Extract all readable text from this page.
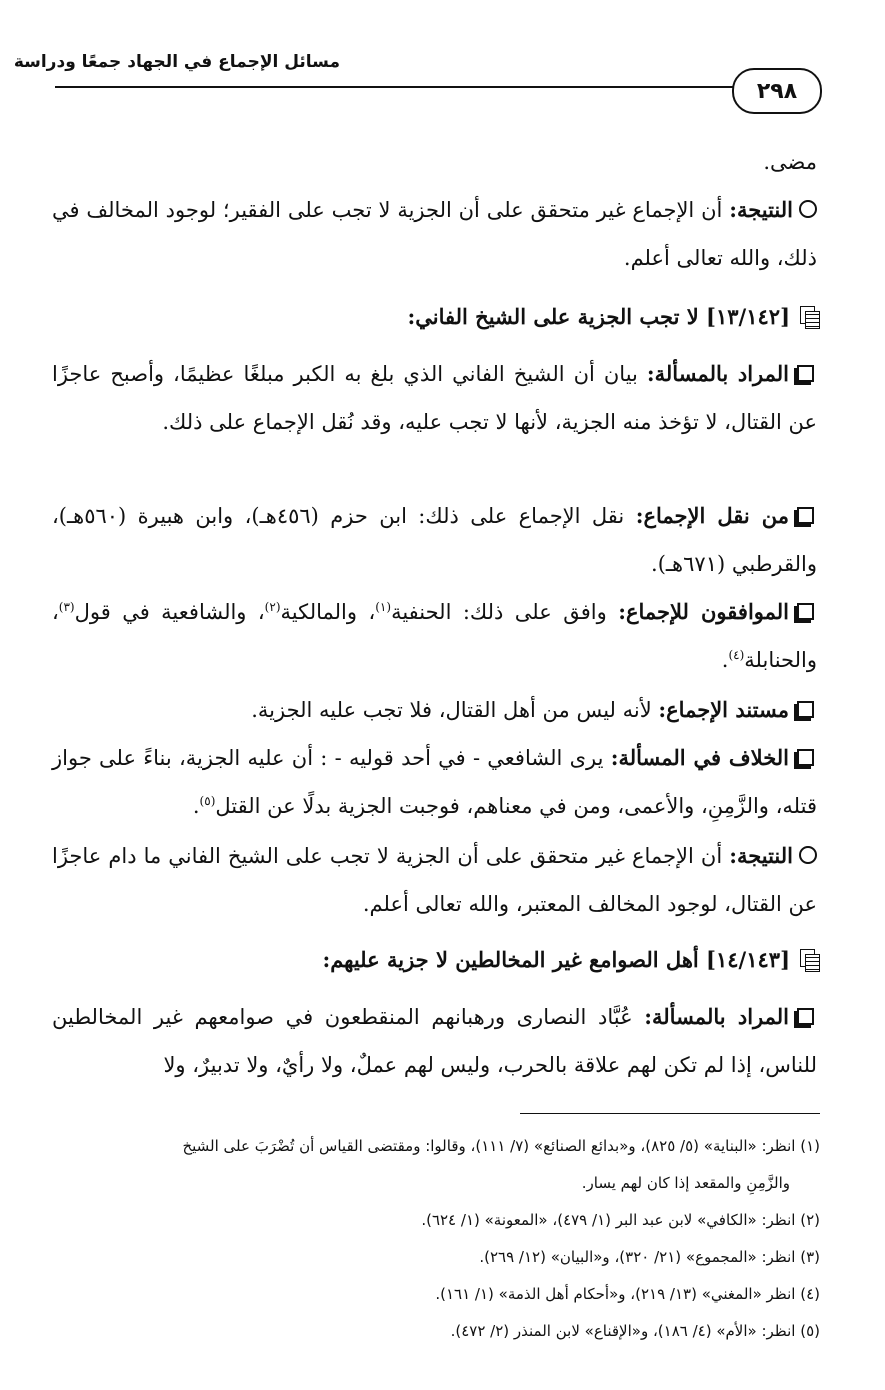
مسائل الإجماع في الجهاد جمعًا ودراسة
٢٩٨
مضى.
النتيجة: أن الإجماع غير متحقق على أن الجزية لا تجب على الفقير؛ لوجود المخالف في ذلك، والله تعالى أعلم.
[١٣/١٤٢] لا تجب الجزية على الشيخ الفاني:
المراد بالمسألة: بيان أن الشيخ الفاني الذي بلغ به الكبر مبلغًا عظيمًا، وأصبح عاجزًا عن القتال، لا تؤخذ منه الجزية، لأنها لا تجب عليه، وقد نُقل الإجماع على ذلك.
من نقل الإجماع: نقل الإجماع على ذلك: ابن حزم (٤٥٦هـ)، وابن هبيرة (٥٦٠هـ)، والقرطبي (٦٧١هـ).
الموافقون للإجماع: وافق على ذلك: الحنفية$^{(١)}$، والمالكية$^{(٢)}$، والشافعية في قول$^{(٣)}$، والحنابلة$^{(٤)}$.
مستند الإجماع: لأنه ليس من أهل القتال، فلا تجب عليه الجزية.
الخلاف في المسألة: يرى الشافعي - في أحد قوليه - : أن عليه الجزية، بناءً على جواز قتله، والزَّمِنِ، والأعمى، ومن في معناهم، فوجبت الجزية بدلًا عن القتل$^{(٥)}$.
النتيجة: أن الإجماع غير متحقق على أن الجزية لا تجب على الشيخ الفاني ما دام عاجزًا عن القتال، لوجود المخالف المعتبر، والله تعالى أعلم.
[١٤/١٤٣] أهل الصوامع غير المخالطين لا جزية عليهم:
المراد بالمسألة: عُبَّاد النصارى ورهبانهم المنقطعون في صوامعهم غير المخالطين للناس، إذا لم تكن لهم علاقة بالحرب، وليس لهم عملٌ، ولا رأيٌ، ولا تدبيرٌ، ولا
(١) انظر: «البناية» (٥/ ٨٢٥)، و«بدائع الصنائع» (٧/ ١١١)، وقالوا: ومقتضى القياس أن تُضْرَبَ على الشيخ
والزَّمِنِ والمقعد إذا كان لهم يسار.
(٢) انظر: «الكافي» لابن عبد البر (١/ ٤٧٩)، «المعونة» (١/ ٦٢٤).
(٣) انظر: «المجموع» (٢١/ ٣٢٠)، و«البيان» (١٢/ ٢٦٩).
(٤) انظر «المغني» (١٣/ ٢١٩)، و«أحكام أهل الذمة» (١/ ١٦١).
(٥) انظر: «الأم» (٤/ ١٨٦)، و«الإقناع» لابن المنذر (٢/ ٤٧٢).
